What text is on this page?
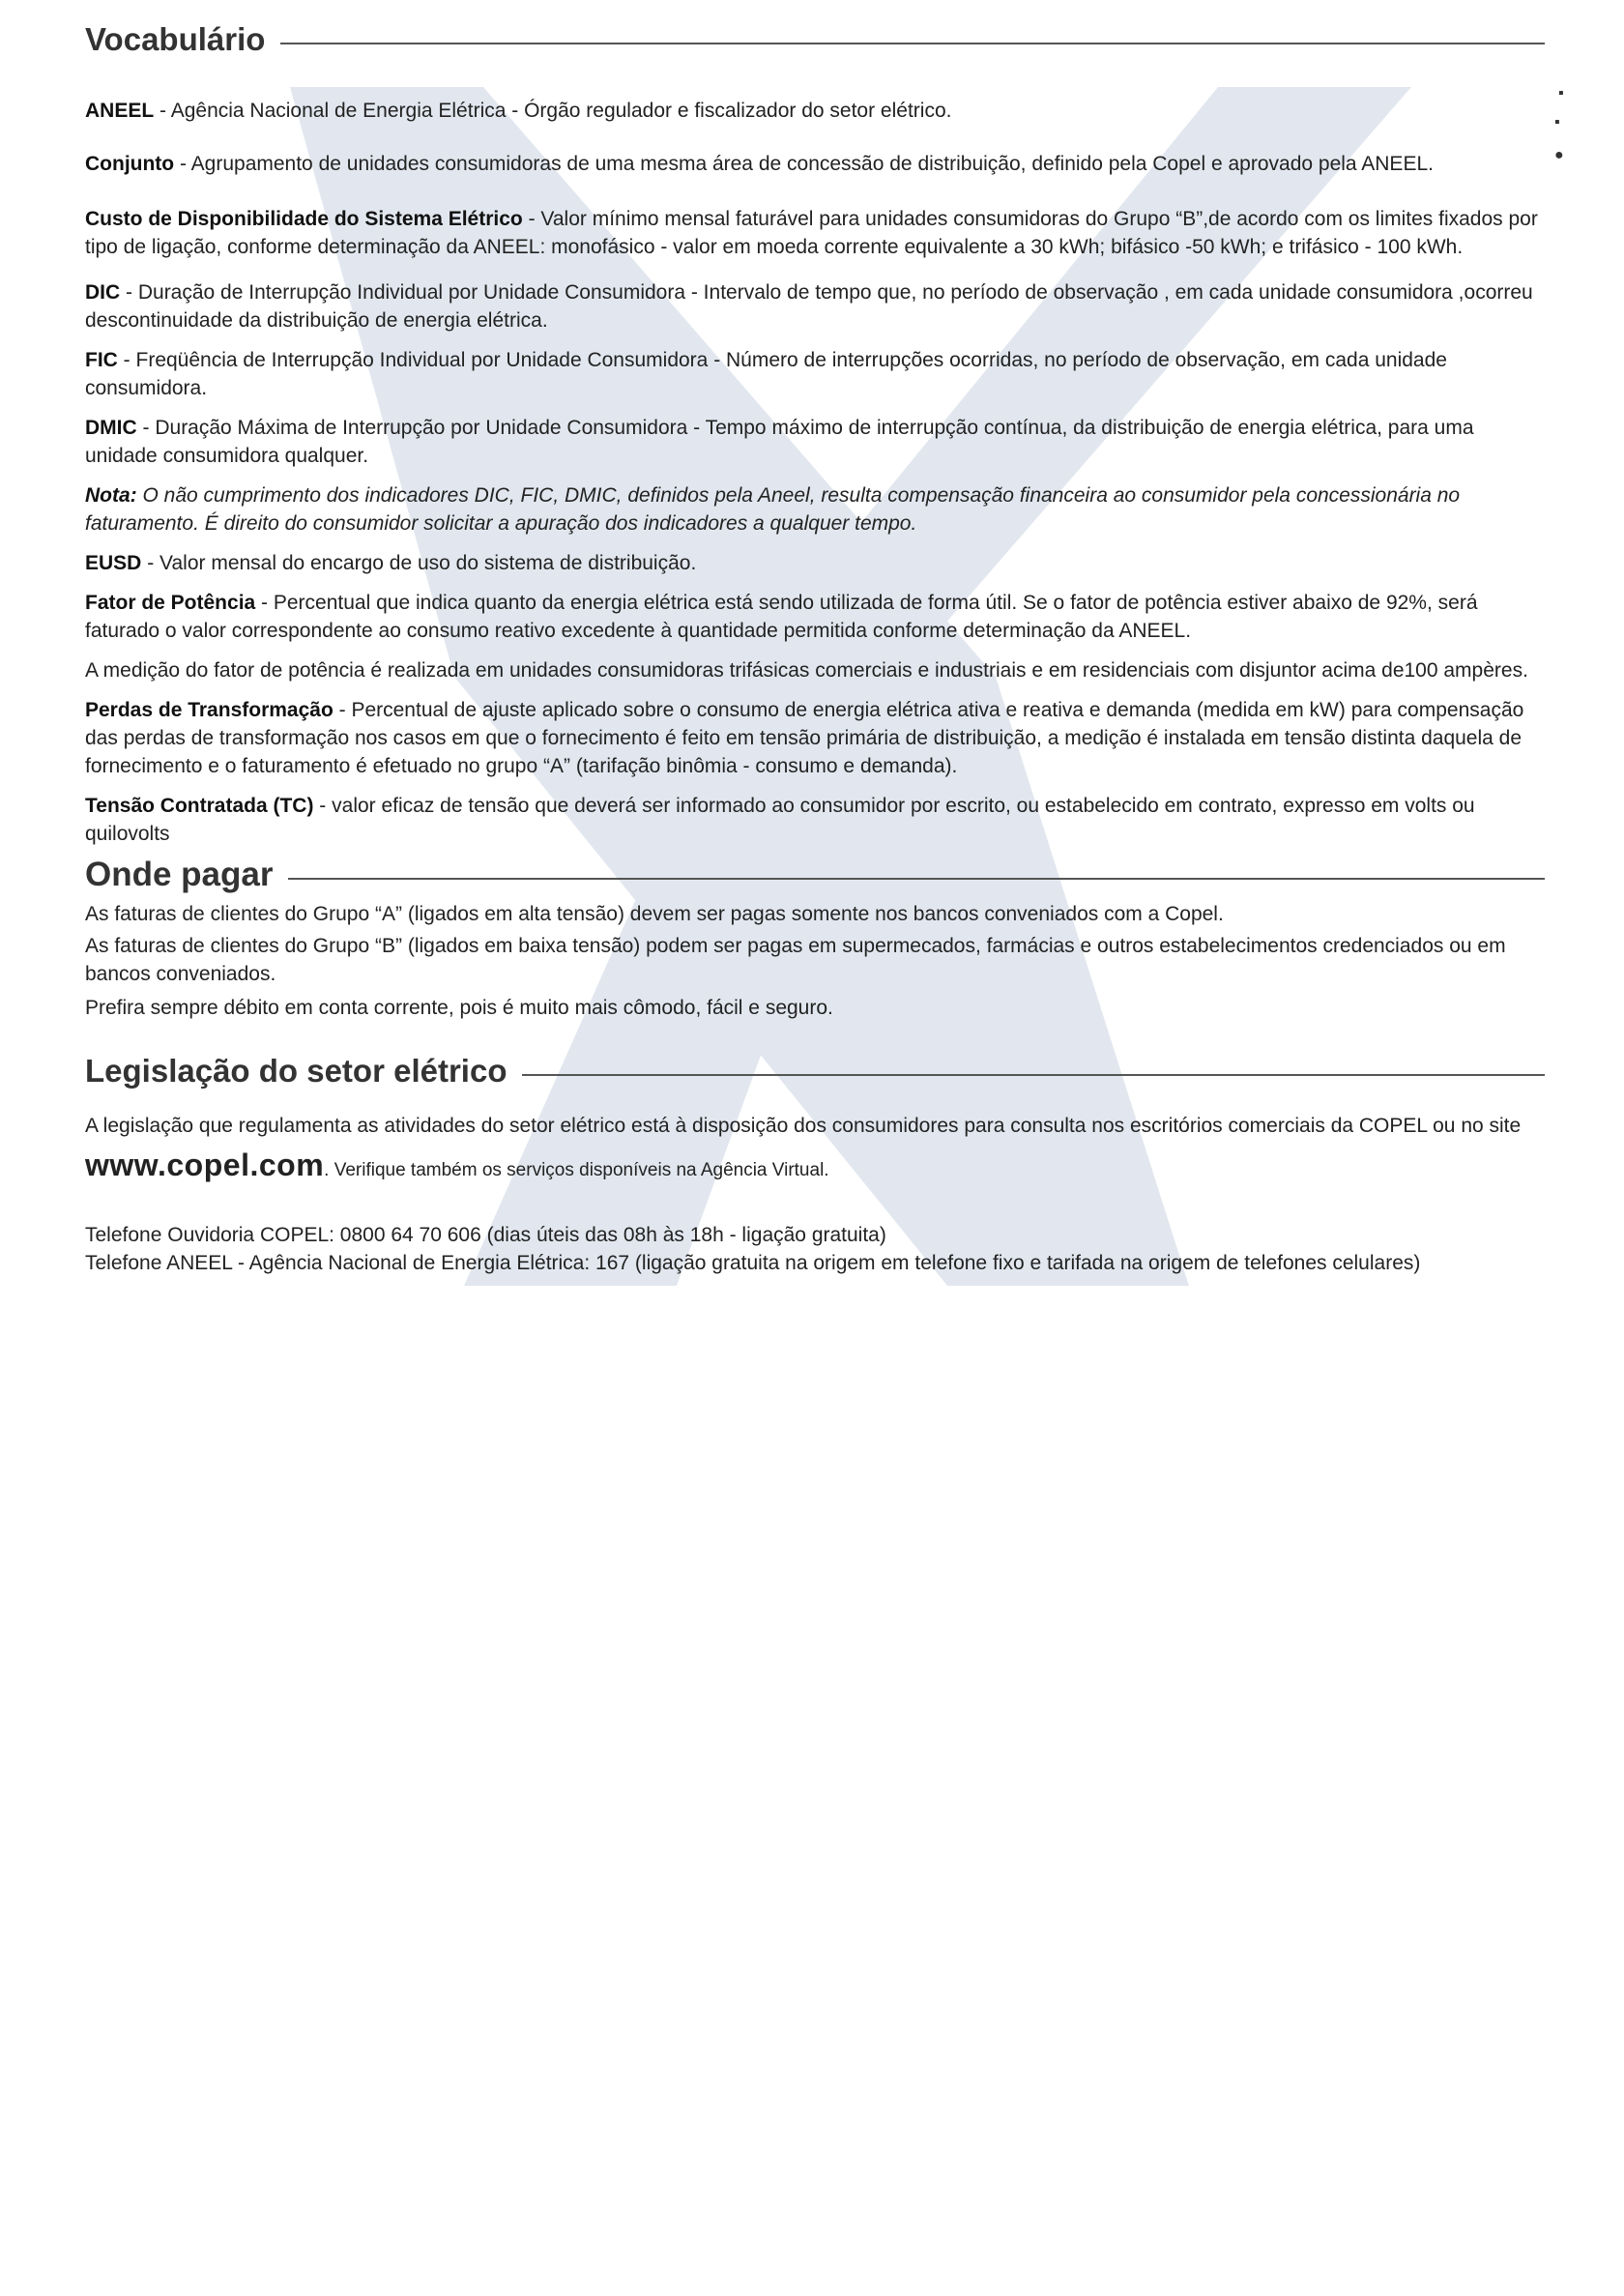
Vocabulário
ANEEL - Agência Nacional de Energia Elétrica - Órgão regulador e fiscalizador do setor elétrico.
Conjunto - Agrupamento de unidades consumidoras de uma mesma área de concessão de distribuição, definido pela Copel e aprovado pela ANEEL.
Custo de Disponibilidade do Sistema Elétrico - Valor mínimo mensal faturável para unidades consumidoras do Grupo “B”,de acordo com os limites fixados por tipo de ligação, conforme determinação da ANEEL: monofásico - valor em moeda corrente equivalente a 30 kWh; bifásico -50 kWh; e trifásico - 100 kWh.
DIC - Duração de Interrupção Individual por Unidade Consumidora - Intervalo de tempo que, no período de observação , em cada unidade consumidora ,ocorreu descontinuidade da distribuição de energia elétrica.
FIC - Freqüência de Interrupção Individual por Unidade Consumidora - Número de interrupções ocorridas, no período de observação, em cada unidade consumidora.
DMIC - Duração Máxima de Interrupção por Unidade Consumidora - Tempo máximo de interrupção contínua, da distribuição de energia elétrica, para uma unidade consumidora qualquer.
Nota: O não cumprimento dos indicadores DIC, FIC, DMIC, definidos pela Aneel, resulta compensação financeira ao consumidor pela concessionária no faturamento. É direito do consumidor solicitar a apuração dos indicadores a qualquer tempo.
EUSD - Valor mensal do encargo de uso do sistema de distribuição.
Fator de Potência - Percentual que indica quanto da energia elétrica está sendo utilizada de forma útil. Se o fator de potência estiver abaixo de 92%, será faturado o valor correspondente ao consumo reativo excedente à quantidade permitida conforme determinação da ANEEL.
A medição do fator de potência é realizada em unidades consumidoras trifásicas comerciais e industriais e em residenciais com disjuntor acima de100 ampères.
Perdas de Transformação - Percentual de ajuste aplicado sobre o consumo de energia elétrica ativa e reativa e demanda (medida em kW) para compensação das perdas de transformação nos casos em que o fornecimento é feito em tensão primária de distribuição, a medição é instalada em tensão distinta daquela de fornecimento e o faturamento é efetuado no grupo “A” (tarifação binômia - consumo e demanda).
Tensão Contratada (TC) - valor eficaz de tensão que deverá ser informado ao consumidor por escrito, ou estabelecido em contrato, expresso em volts ou quilovolts
Onde pagar

As faturas de clientes do Grupo “A” (ligados em alta tensão) devem ser pagas somente nos bancos conveniados com a Copel.

As faturas de clientes do Grupo “B” (ligados em baixa tensão) podem ser pagas em supermecados, farmácias e outros estabelecimentos credenciados ou em bancos conveniados.

Prefira sempre débito em conta corrente, pois é muito mais cômodo, fácil e seguro.

Legislação do setor elétrico

A legislação que regulamenta as atividades do setor elétrico está à disposição dos consumidores para consulta nos escritórios comerciais da COPEL ou no site www.copel.com. Verifique também os serviços disponíveis na Agência Virtual.

Telefone Ouvidoria COPEL: 0800 64 70 606 (dias úteis das 08h às 18h - ligação gratuita)

Telefone ANEEL - Agência Nacional de Energia Elétrica: 167 (ligação gratuita na origem em telefone fixo e tarifada na origem de telefones celulares)

▪
▪
●
